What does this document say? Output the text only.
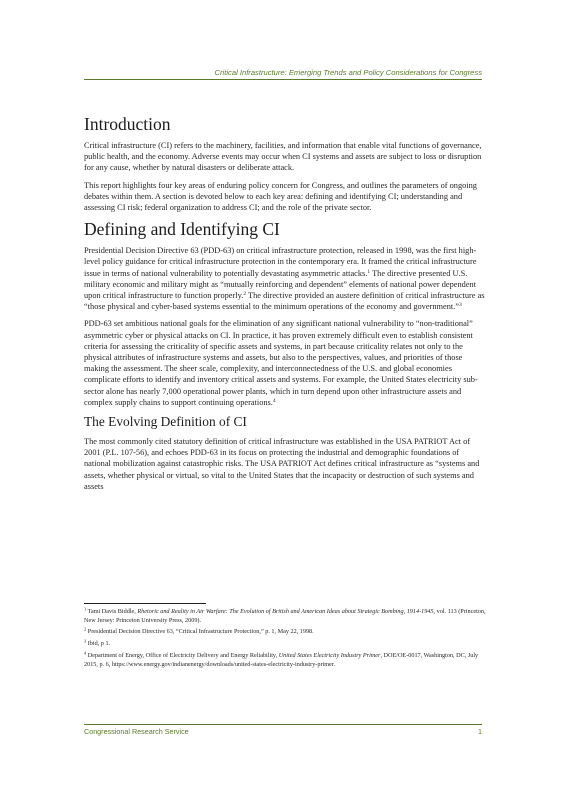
Critical Infrastructure: Emerging Trends and Policy Considerations for Congress
Introduction

Critical infrastructure (CI) refers to the machinery, facilities, and information that enable vital functions of governance, public health, and the economy. Adverse events may occur when CI systems and assets are subject to loss or disruption for any cause, whether by natural disasters or deliberate attack.

This report highlights four key areas of enduring policy concern for Congress, and outlines the parameters of ongoing debates within them. A section is devoted below to each key area: defining and identifying CI; understanding and assessing CI risk; federal organization to address CI; and the role of the private sector.

Defining and Identifying CI

Presidential Decision Directive 63 (PDD-63) on critical infrastructure protection, released in 1998, was the first high-level policy guidance for critical infrastructure protection in the contemporary era. It framed the critical infrastructure issue in terms of national vulnerability to potentially devastating asymmetric attacks.$^1$ The directive presented U.S. military economic and military might as “mutually reinforcing and dependent” elements of national power dependent upon critical infrastructure to function properly.$^2$ The directive provided an austere definition of critical infrastructure as “those physical and cyber-based systems essential to the minimum operations of the economy and government.”$^3$

PDD-63 set ambitious national goals for the elimination of any significant national vulnerability to “non-traditional” asymmetric cyber or physical attacks on CI. In practice, it has proven extremely difficult even to establish consistent criteria for assessing the criticality of specific assets and systems, in part because criticality relates not only to the physical attributes of infrastructure systems and assets, but also to the perspectives, values, and priorities of those making the assessment. The sheer scale, complexity, and interconnectedness of the U.S. and global economies complicate efforts to identify and inventory critical assets and systems. For example, the United States electricity sub-sector alone has nearly 7,000 operational power plants, which in turn depend upon other infrastructure assets and complex supply chains to support continuing operations.$^4$

The Evolving Definition of CI

The most commonly cited statutory definition of critical infrastructure was established in the USA PATRIOT Act of 2001 (P.L. 107-56), and echoes PDD-63 in its focus on protecting the industrial and demographic foundations of national mobilization against catastrophic risks. The USA PATRIOT Act defines critical infrastructure as “systems and assets, whether physical or virtual, so vital to the United States that the incapacity or destruction of such systems and assets

$^1$ Tami Davis Biddle, Rhetoric and Reality in Air Warfare: The Evolution of British and American Ideas about Strategic Bombing, 1914-1945, vol. 113 (Princeton, New Jersey: Princeton University Press, 2009).
$^2$ Presidential Decision Directive 63, “Critical Infrastructure Protection,” p. 1, May 22, 1998.
$^3$ Ibid, p 1.
$^4$ Department of Energy, Office of Electricity Delivery and Energy Reliability, United States Electricity Industry Primer, DOE/OE-0017, Washington, DC, July 2015, p. 6, https://www.energy.gov/indianenergy/downloads/united-states-electricity-industry-primer.
Congressional Research Service	1
